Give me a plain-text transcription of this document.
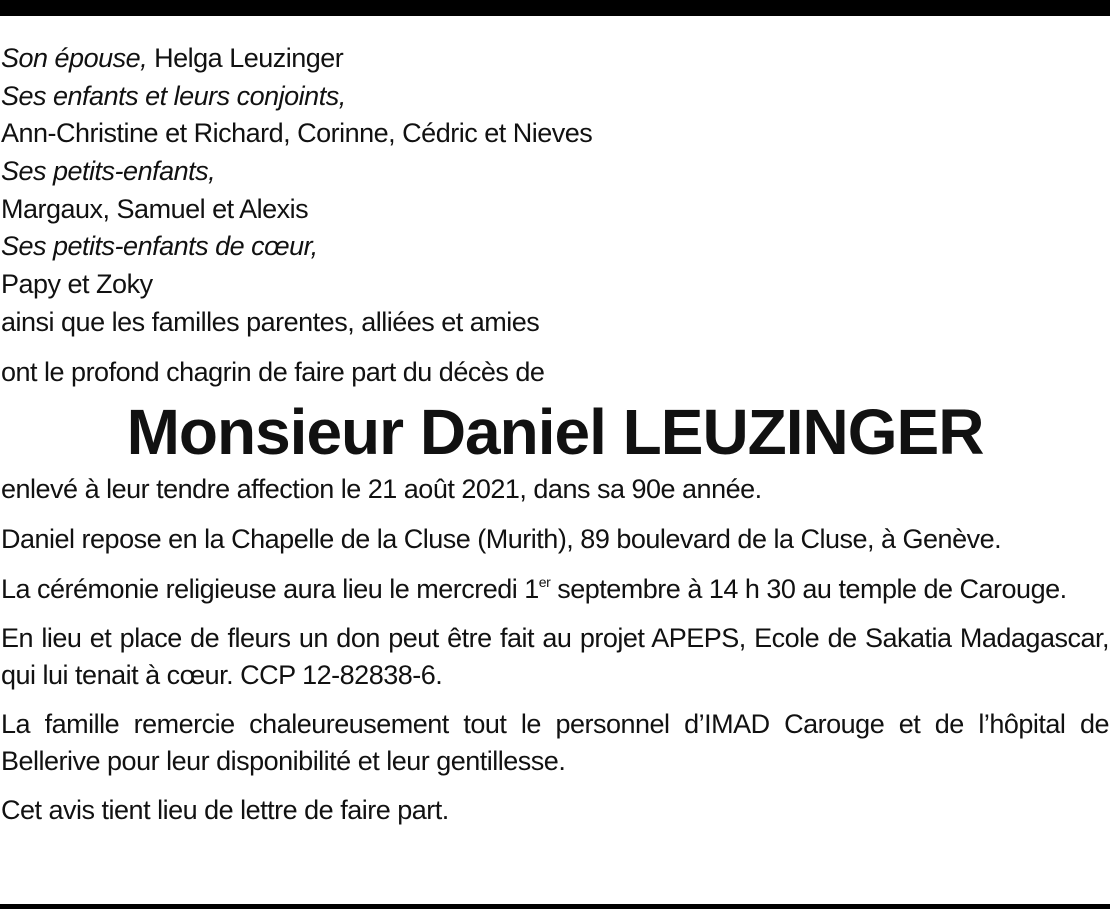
Son épouse, Helga Leuzinger
Ses enfants et leurs conjoints,
Ann-Christine et Richard, Corinne, Cédric et Nieves
Ses petits-enfants,
Margaux, Samuel et Alexis
Ses petits-enfants de cœur,
Papy et Zoky
ainsi que les familles parentes, alliées et amies
ont le profond chagrin de faire part du décès de
Monsieur Daniel LEUZINGER
enlevé à leur tendre affection le 21 août 2021, dans sa 90e année.
Daniel repose en la Chapelle de la Cluse (Murith), 89 boulevard de la Cluse, à Genève.
La cérémonie religieuse aura lieu le mercredi 1er septembre à 14 h 30 au temple de Carouge.
En lieu et place de fleurs un don peut être fait au projet APEPS, Ecole de Sakatia Madagascar, qui lui tenait à cœur. CCP 12-82838-6.
La famille remercie chaleureusement tout le personnel d’IMAD Carouge et de l’hôpital de Bellerive pour leur disponibilité et leur gentillesse.
Cet avis tient lieu de lettre de faire part.
